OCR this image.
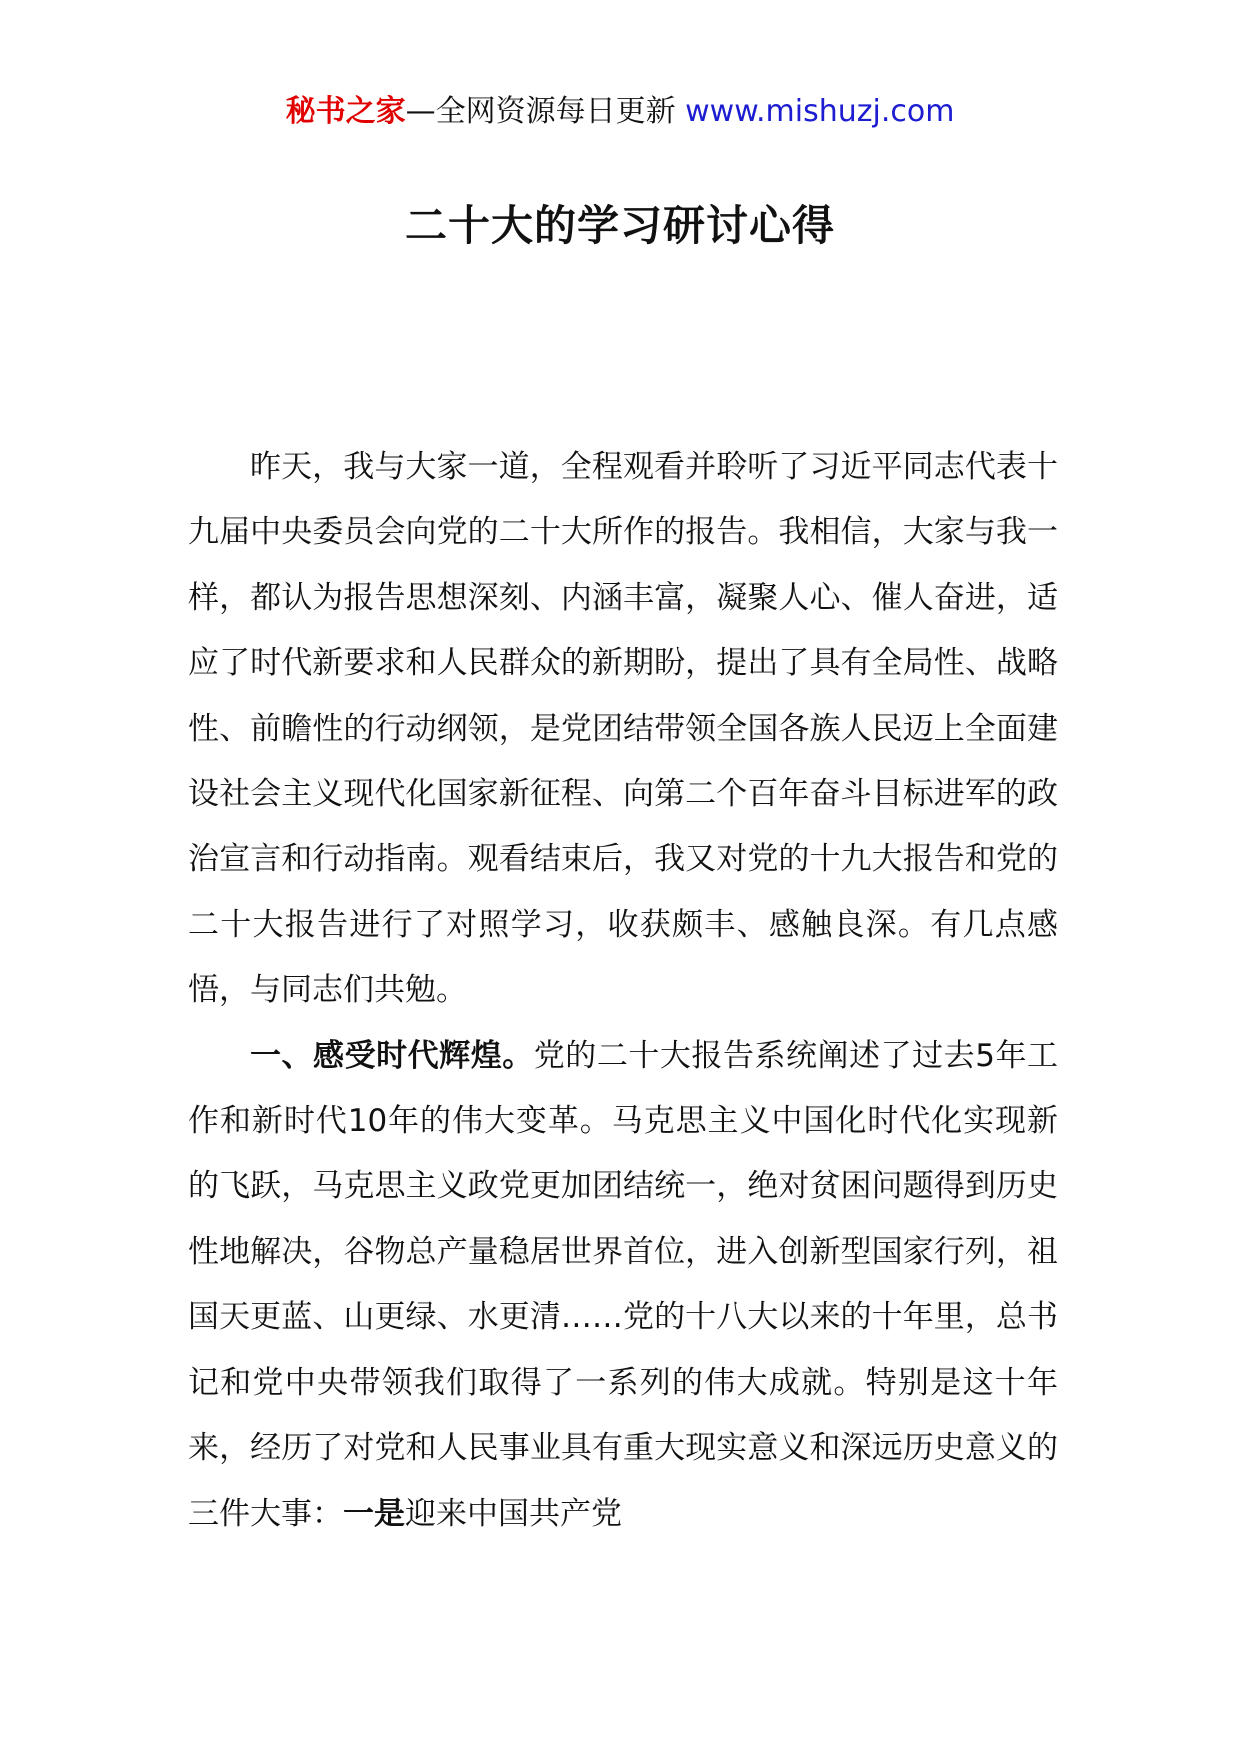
秘书之家—全网资源每日更新 www.mishuzj.com
二十大的学习研讨心得

昨天，我与大家一道，全程观看并聆听了习近平同志代表十九届中央委员会向党的二十大所作的报告。我相信，大家与我一样，都认为报告思想深刻、内涵丰富，凝聚人心、催人奋进，适应了时代新要求和人民群众的新期盼，提出了具有全局性、战略性、前瞻性的行动纲领，是党团结带领全国各族人民迈上全面建设社会主义现代化国家新征程、向第二个百年奋斗目标进军的政治宣言和行动指南。观看结束后，我又对党的十九大报告和党的二十大报告进行了对照学习，收获颇丰、感触良深。有几点感悟，与同志们共勉。

一、感受时代辉煌。党的二十大报告系统阐述了过去5年工作和新时代10年的伟大变革。马克思主义中国化时代化实现新的飞跃，马克思主义政党更加团结统一，绝对贫困问题得到历史性地解决，谷物总产量稳居世界首位，进入创新型国家行列，祖国天更蓝、山更绿、水更清……党的十八大以来的十年里，总书记和党中央带领我们取得了一系列的伟大成就。特别是这十年来，经历了对党和人民事业具有重大现实意义和深远历史意义的三件大事：一是迎来中国共产党
